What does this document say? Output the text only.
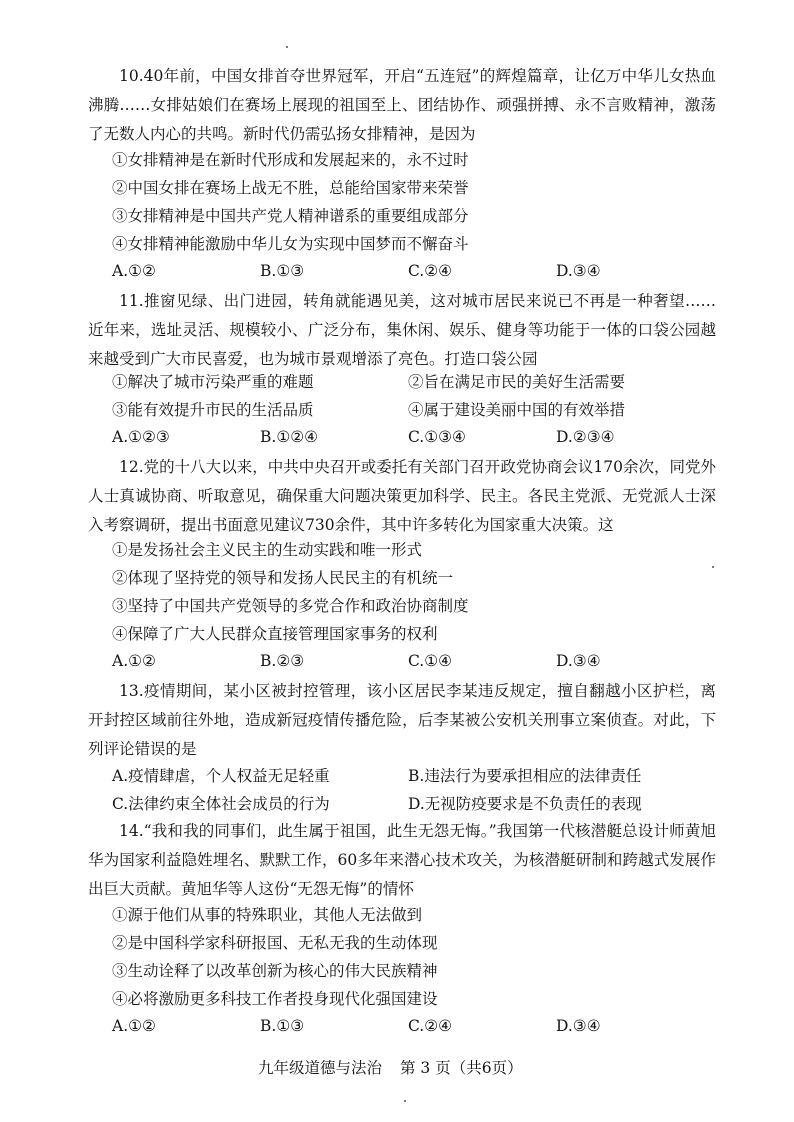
10.40年前，中国女排首夺世界冠军，开启“五连冠”的辉煌篇章，让亿万中华儿女热血沸腾……女排姑娘们在赛场上展现的祖国至上、团结协作、顽强拼搏、永不言败精神，激荡了无数人内心的共鸣。新时代仍需弘扬女排精神，是因为

①女排精神是在新时代形成和发展起来的，永不过时
②中国女排在赛场上战无不胜，总能给国家带来荣誉
③女排精神是中国共产党人精神谱系的重要组成部分
④女排精神能激励中华儿女为实现中国梦而不懈奋斗
A.①②	B.①③	C.②④	D.③④

11.推窗见绿、出门进园，转角就能遇见美，这对城市居民来说已不再是一种奢望……近年来，选址灵活、规模较小、广泛分布，集休闲、娱乐、健身等功能于一体的口袋公园越来越受到广大市民喜爱，也为城市景观增添了亮色。打造口袋公园

①解决了城市污染严重的难题	②旨在满足市民的美好生活需要
③能有效提升市民的生活品质	④属于建设美丽中国的有效举措
A.①②③	B.①②④	C.①③④	D.②③④

12.党的十八大以来，中共中央召开或委托有关部门召开政党协商会议170余次，同党外人士真诚协商、听取意见，确保重大问题决策更加科学、民主。各民主党派、无党派人士深入考察调研，提出书面意见建议730余件，其中许多转化为国家重大决策。这

①是发扬社会主义民主的生动实践和唯一形式
②体现了坚持党的领导和发扬人民民主的有机统一
③坚持了中国共产党领导的多党合作和政治协商制度
④保障了广大人民群众直接管理国家事务的权利
A.①②	B.②③	C.①④	D.③④

13.疫情期间，某小区被封控管理，该小区居民李某违反规定，擅自翻越小区护栏，离开封控区域前往外地，造成新冠疫情传播危险，后李某被公安机关刑事立案侦查。对此，下列评论错误的是

A.疫情肆虐，个人权益无足轻重	B.违法行为要承担相应的法律责任
C.法律约束全体社会成员的行为	D.无视防疫要求是不负责任的表现

14.“我和我的同事们，此生属于祖国，此生无怨无悔。”我国第一代核潜艇总设计师黄旭华为国家利益隐姓埋名、默默工作，60多年来潜心技术攻关，为核潜艇研制和跨越式发展作出巨大贡献。黄旭华等人这份“无怨无悔”的情怀

①源于他们从事的特殊职业，其他人无法做到
②是中国科学家科研报国、无私无我的生动体现
③生动诠释了以改革创新为核心的伟大民族精神
④必将激励更多科技工作者投身现代化强国建设
A.①②	B.①③	C.②④	D.③④
九年级道德与法治 第 3 页（共6页）
